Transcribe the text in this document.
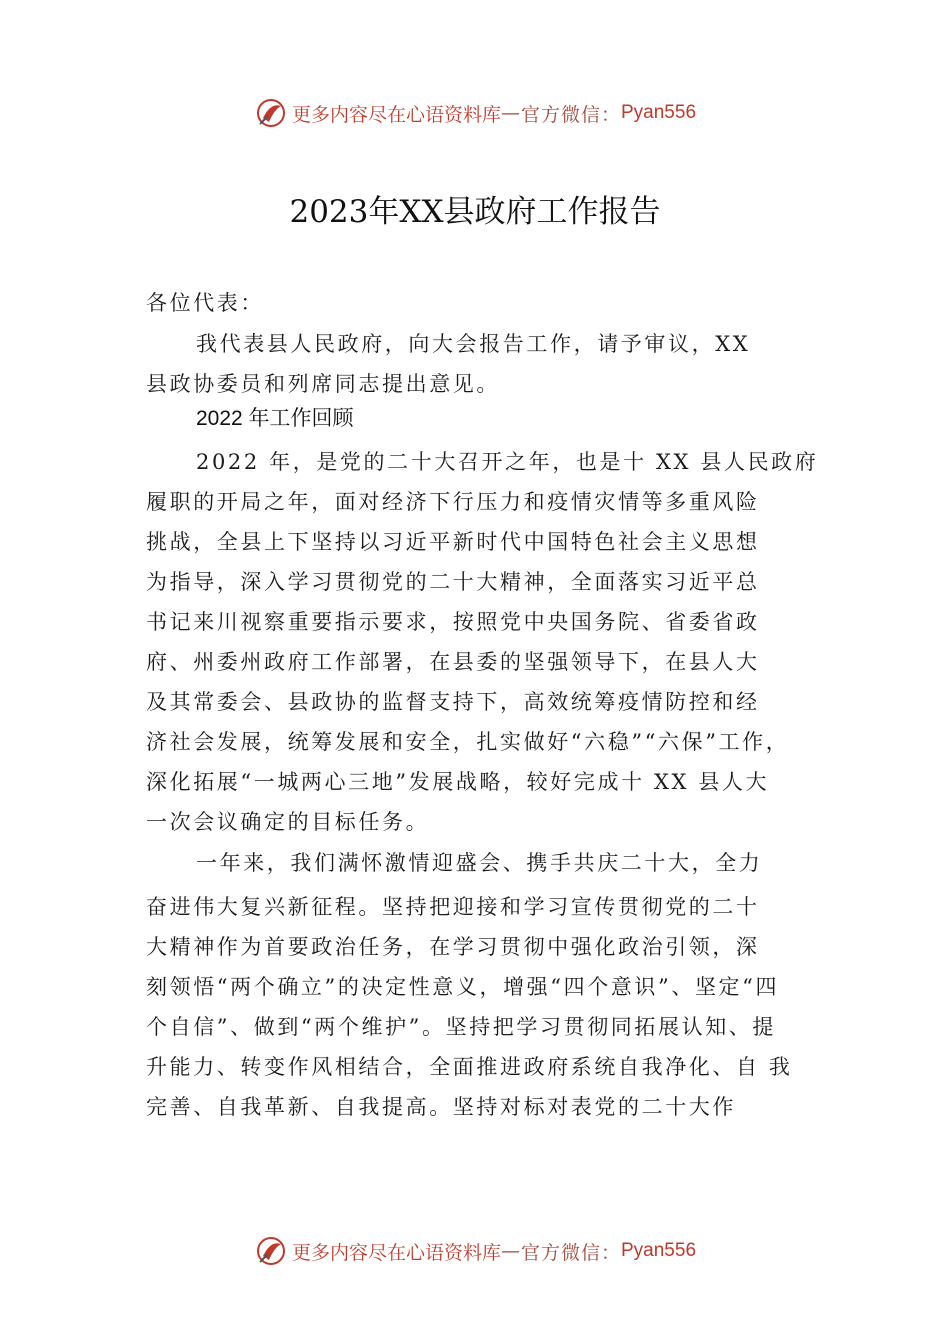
更多内容尽在心语资料库 — 官方微信： Pyan556
2023年XX县政府工作报告
各位代表：
我代表县人民政府，向大会报告工作，请予审议，XX
县政协委员和列席同志提出意见。
2022 年工作回顾
2022 年，是党的二十大召开之年，也是十 XX 县人民政府
履职的开局之年，面对经济下行压力和疫情灾情等多重风险
挑战，全县上下坚持以习近平新时代中国特色社会主义思想
为指导，深入学习贯彻党的二十大精神，全面落实习近平总
书记来川视察重要指示要求，按照党中央国务院、省委省政
府、州委州政府工作部署，在县委的坚强领导下，在县人大
及其常委会、县政协的监督支持下，高效统筹疫情防控和经
济社会发展，统筹发展和安全，扎实做好“六稳”“六保”工作，
深化拓展“一城两心三地”发展战略，较好完成十 XX 县人大
一次会议确定的目标任务。
一年来，我们满怀激情迎盛会、携手共庆二十大，全力
奋进伟大复兴新征程。坚持把迎接和学习宣传贯彻党的二十
大精神作为首要政治任务，在学习贯彻中强化政治引领，深
刻领悟“两个确立”的决定性意义，增强“四个意识”、坚定“四
个自信”、做到“两个维护”。坚持把学习贯彻同拓展认知、提
升能力、转变作风相结合，全面推进政府系统自我净化、自 我
完善、自我革新、自我提高。坚持对标对表党的二十大作
更多内容尽在心语资料库 — 官方微信： Pyan556
